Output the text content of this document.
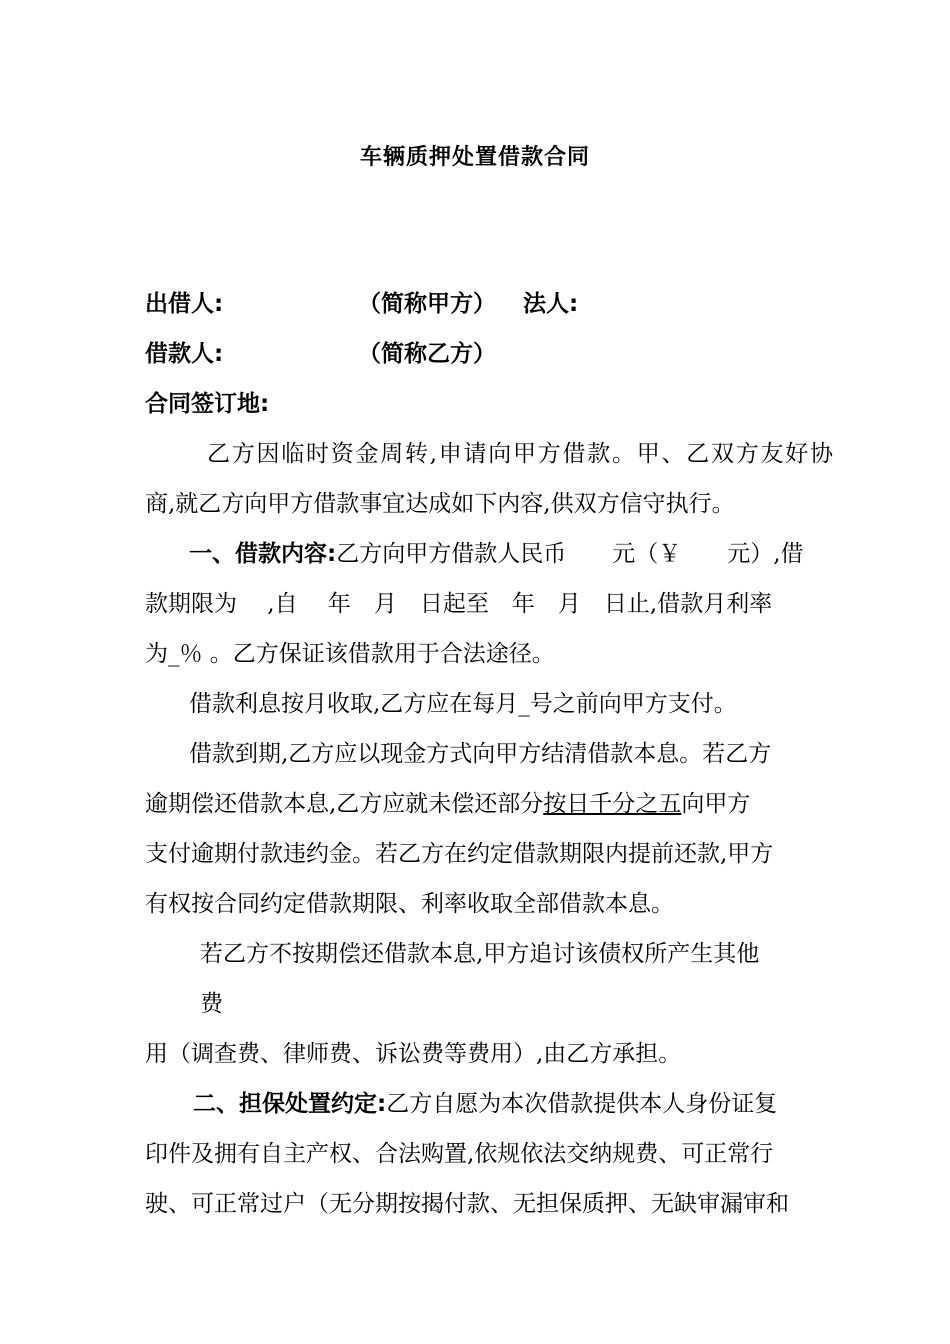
车辆质押处置借款合同
出借人:	（简称甲方） 法人:
借款人:	（简称乙方）
合同签订地:
乙方因临时资金周转,申请向甲方借款。甲、乙双方友好协
商,就乙方向甲方借款事宜达成如下内容,供双方信守执行。
一、借款内容:乙方向甲方借款人民币　　元（￥　　元）,借
款期限为　 ,自　 年　月　日起至　年　月　日止,借款月利率
为_％ 。乙方保证该借款用于合法途径。
借款利息按月收取,乙方应在每月_号之前向甲方支付。
借款到期,乙方应以现金方式向甲方结清借款本息。若乙方
逾期偿还借款本息,乙方应就未偿还部分按日千分之五向甲方
支付逾期付款违约金。若乙方在约定借款期限内提前还款,甲方
有权按合同约定借款期限、利率收取全部借款本息。
若乙方不按期偿还借款本息,甲方追讨该债权所产生其他
费
用（调查费、律师费、诉讼费等费用）,由乙方承担。
二、担保处置约定:乙方自愿为本次借款提供本人身份证复
印件及拥有自主产权、合法购置,依规依法交纳规费、可正常行
驶、可正常过户（无分期按揭付款、无担保质押、无缺审漏审和
